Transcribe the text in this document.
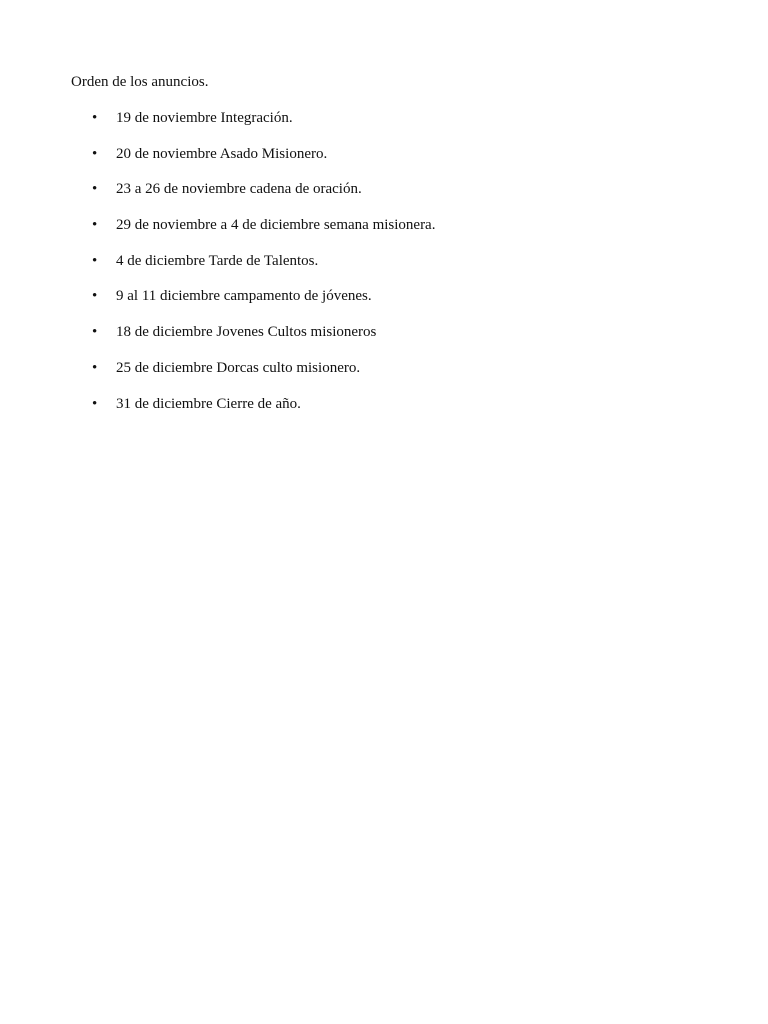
Orden de los anuncios.

•	19 de noviembre Integración.
•	20 de noviembre Asado Misionero.
•	23 a 26 de noviembre cadena de oración.
•	29 de noviembre a 4 de diciembre semana misionera.
•	4 de diciembre Tarde de Talentos.
•	9 al 11 diciembre campamento de jóvenes.
•	18 de diciembre Jovenes Cultos misioneros
•	25 de diciembre Dorcas culto misionero.
•	31 de diciembre Cierre de año.
